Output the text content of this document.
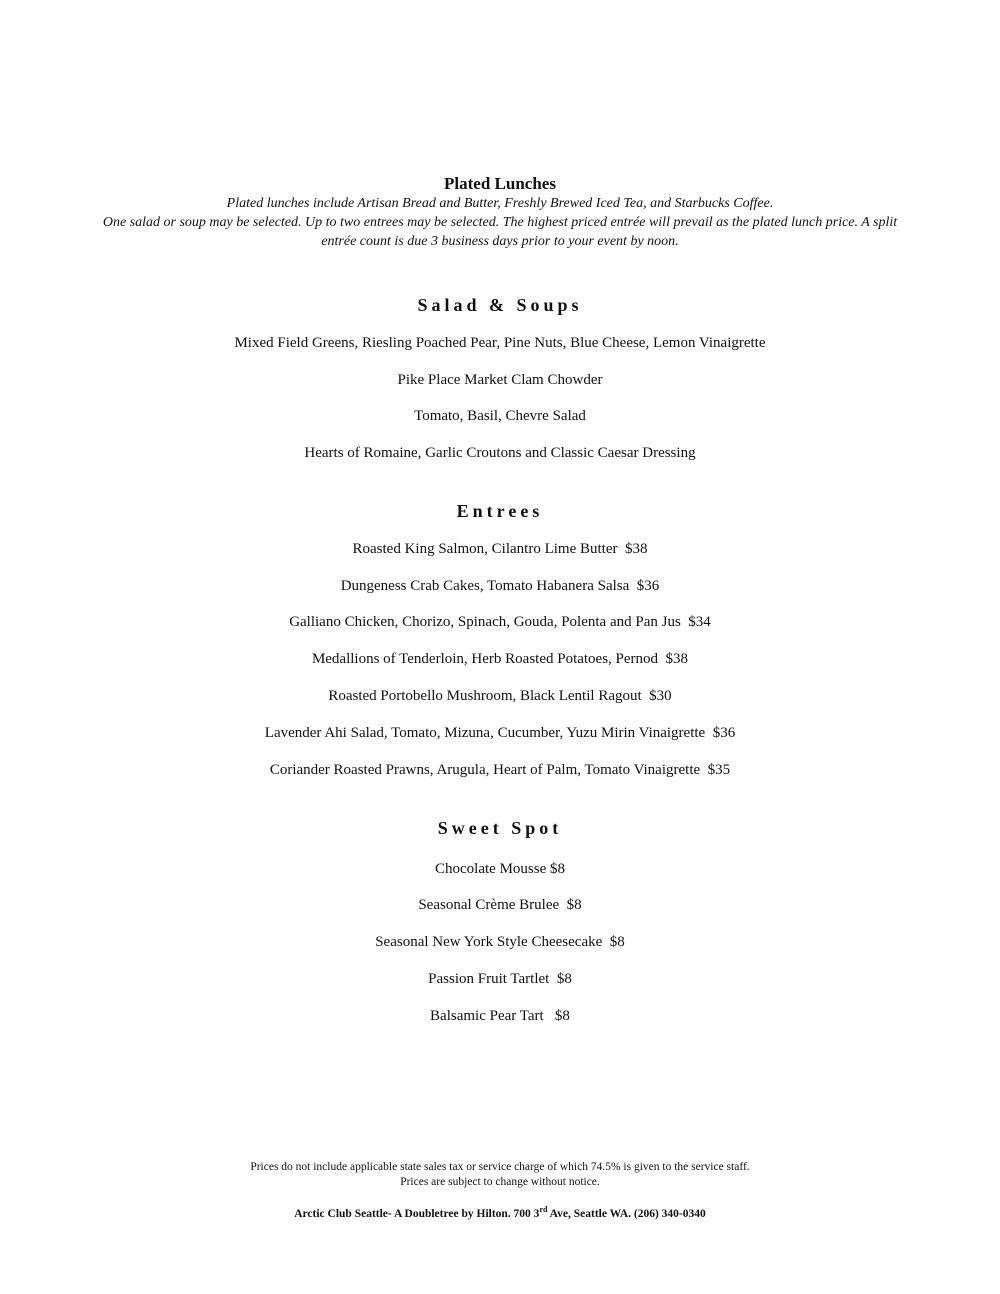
Plated Lunches
Plated lunches include Artisan Bread and Butter, Freshly Brewed Iced Tea, and Starbucks Coffee.
One salad or soup may be selected. Up to two entrees may be selected. The highest priced entrée will prevail as the plated lunch price. A split
entrée count is due 3 business days prior to your event by noon.
Salad & Soups
Mixed Field Greens, Riesling Poached Pear, Pine Nuts, Blue Cheese, Lemon Vinaigrette
Pike Place Market Clam Chowder
Tomato, Basil, Chevre Salad
Hearts of Romaine, Garlic Croutons and Classic Caesar Dressing
Entrees
Roasted King Salmon, Cilantro Lime Butter  $38
Dungeness Crab Cakes, Tomato Habanera Salsa  $36
Galliano Chicken, Chorizo, Spinach, Gouda, Polenta and Pan Jus  $34
Medallions of Tenderloin, Herb Roasted Potatoes, Pernod  $38
Roasted Portobello Mushroom, Black Lentil Ragout  $30
Lavender Ahi Salad, Tomato, Mizuna, Cucumber, Yuzu Mirin Vinaigrette  $36
Coriander Roasted Prawns, Arugula, Heart of Palm, Tomato Vinaigrette  $35
Sweet Spot
Chocolate Mousse $8
Seasonal Crème Brulee  $8
Seasonal New York Style Cheesecake  $8
Passion Fruit Tartlet  $8
Balsamic Pear Tart   $8
Prices do not include applicable state sales tax or service charge of which 74.5% is given to the service staff.
Prices are subject to change without notice.
Arctic Club Seattle- A Doubletree by Hilton. 700 3rd Ave, Seattle WA. (206) 340-0340
